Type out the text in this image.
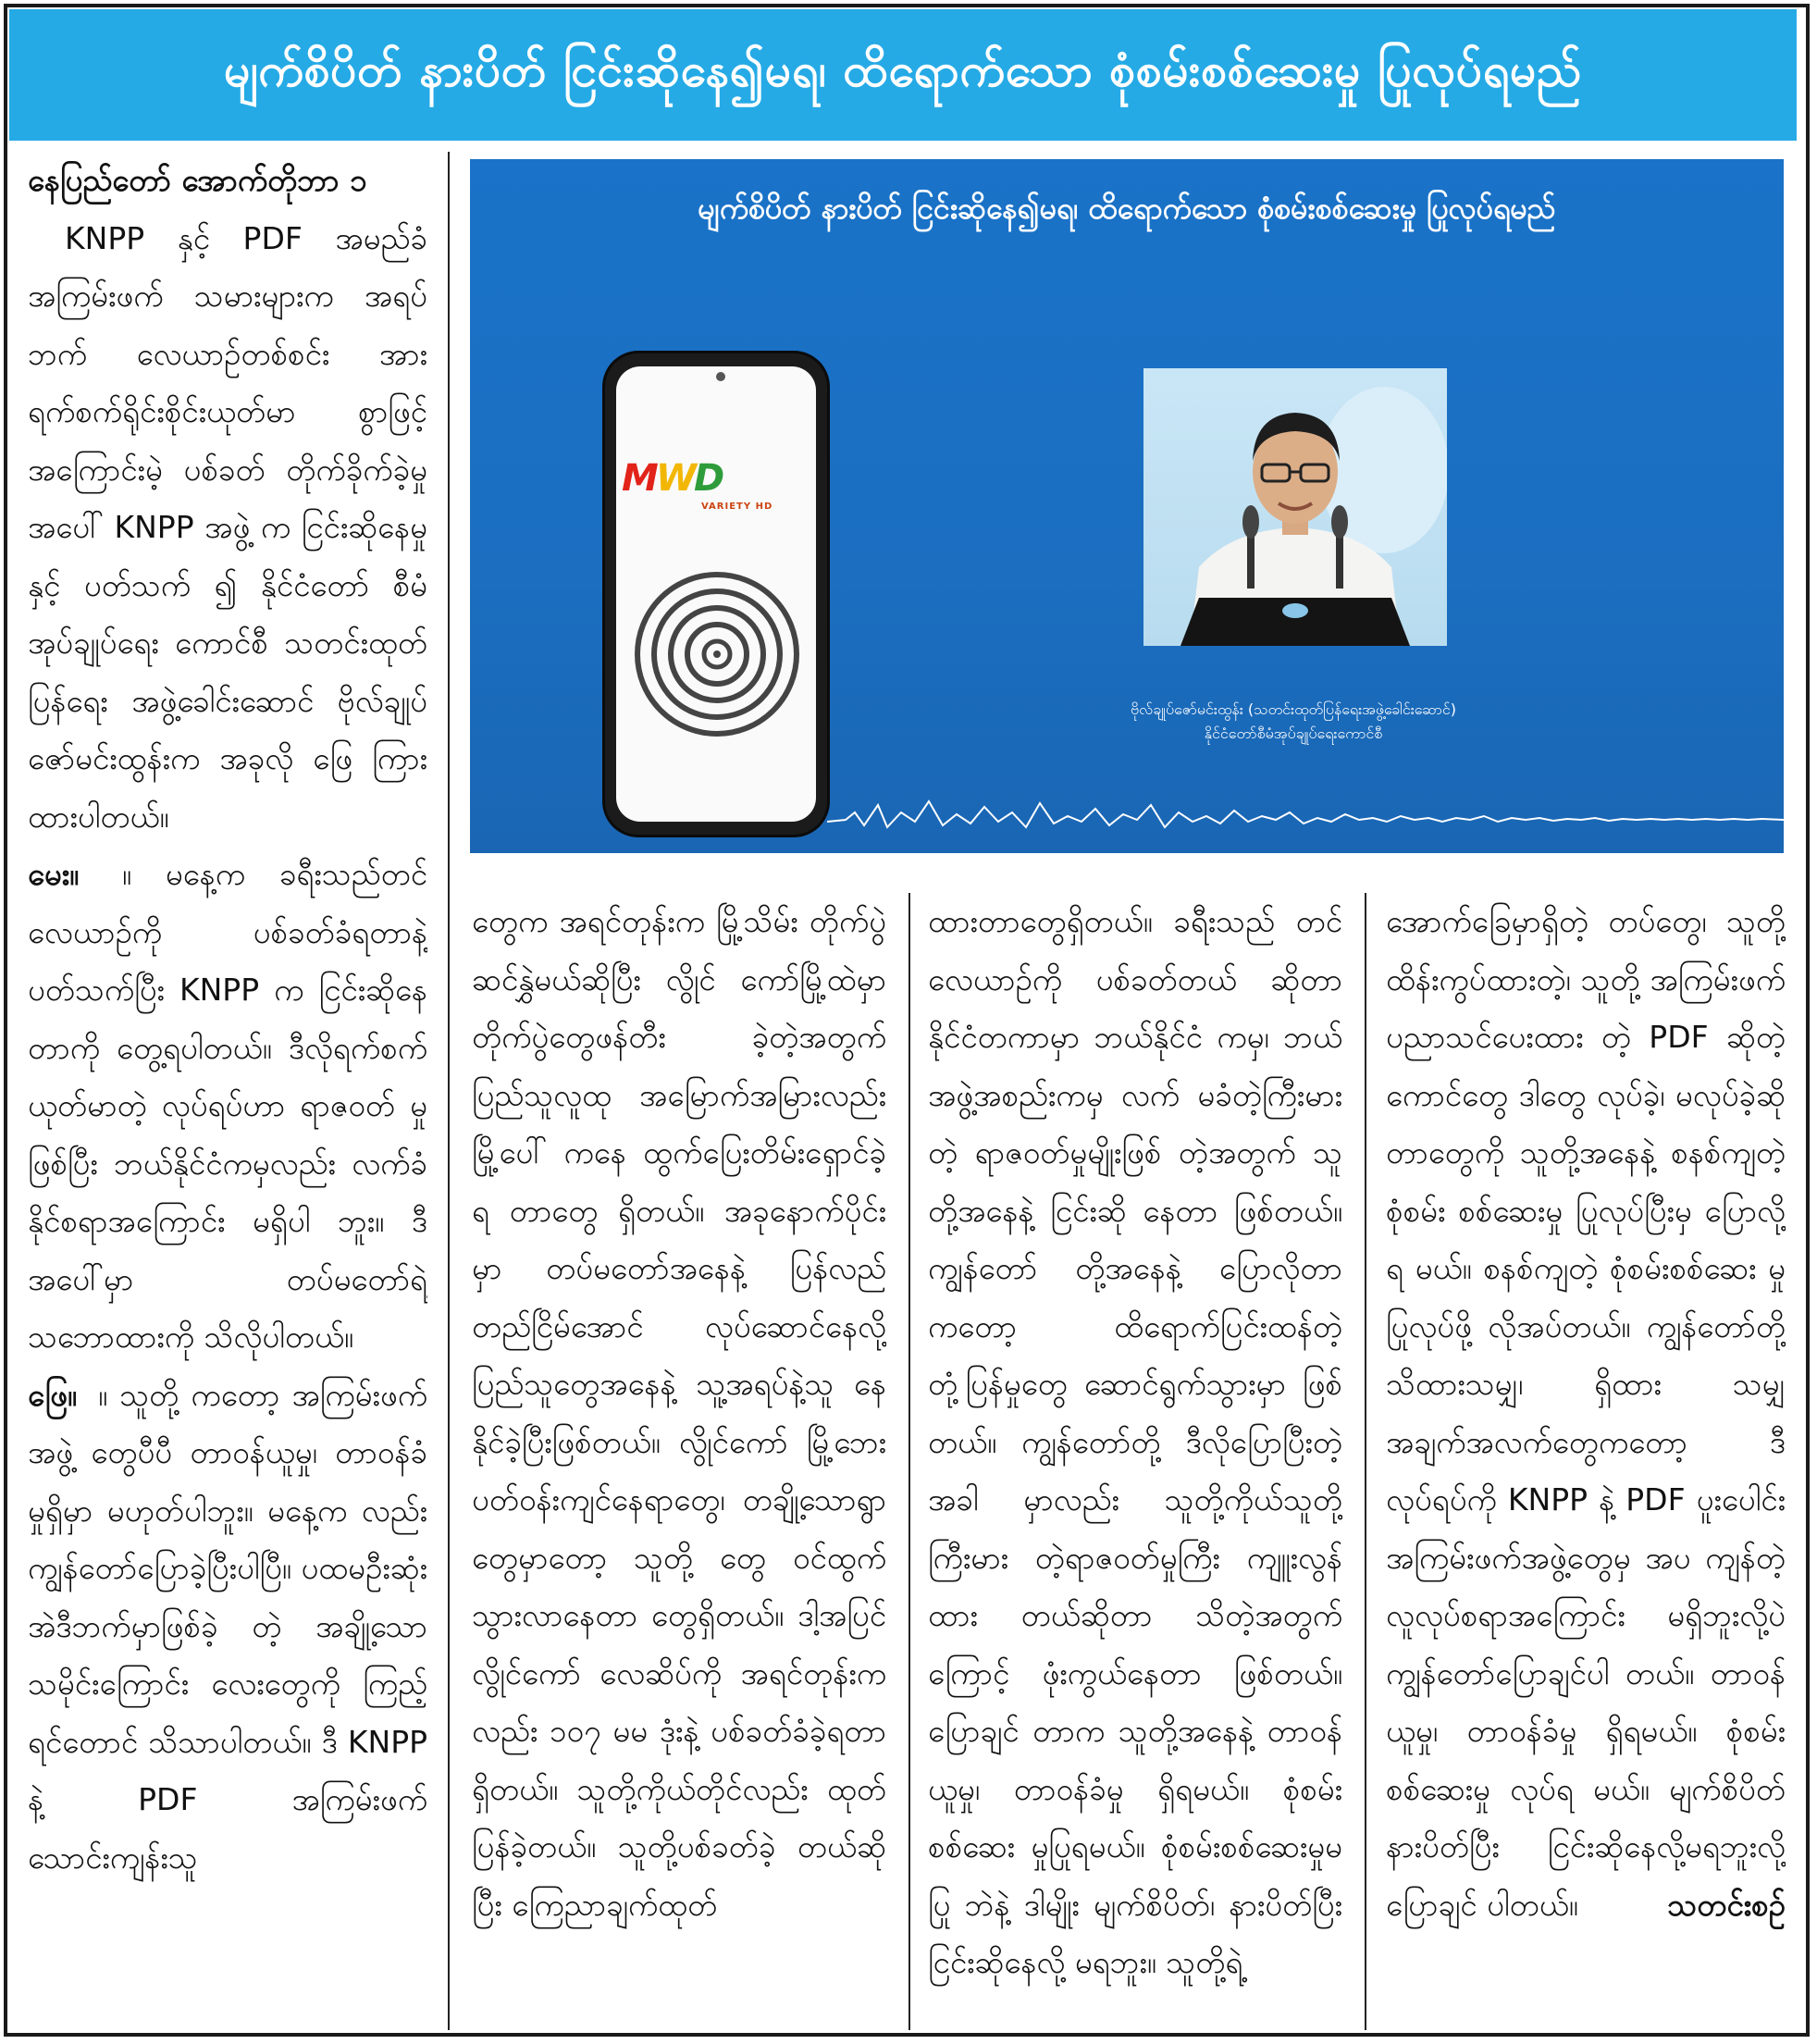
မျက်စိပိတ် နားပိတ် ငြင်းဆိုနေ၍မရ၊ ထိရောက်သော စုံစမ်းစစ်ဆေးမှု ပြုလုပ်ရမည်

နေပြည်တော် အောက်တိုဘာ ၁

KNPP နှင့် PDF အမည်ခံ အကြမ်းဖက် သမားများက အရပ်ဘက် လေယာဉ်တစ်စင်း အား ရက်စက်ရိုင်းစိုင်းယုတ်မာ စွာဖြင့် အကြောင်းမဲ့ ပစ်ခတ် တိုက်ခိုက်ခဲ့မှုအပေါ် KNPP အဖွဲ့ က ငြင်းဆိုနေမှုနှင့် ပတ်သက် ၍ နိုင်ငံတော် စီမံအုပ်ချုပ်ရေး ကောင်စီ သတင်းထုတ်ပြန်ရေး အဖွဲ့ခေါင်းဆောင် ဗိုလ်ချုပ် ဇော်မင်းထွန်းက အခုလို ဖြေ ကြားထားပါတယ်။

မေး။ ။ မနေ့က ခရီးသည်တင် လေယာဉ်ကို ပစ်ခတ်ခံရတာနဲ့ ပတ်သက်ပြီး KNPP က ငြင်းဆိုနေတာကို တွေ့ရပါတယ်။ ဒီလိုရက်စက် ယုတ်မာတဲ့ လုပ်ရပ်ဟာ ရာဇဝတ် မှုဖြစ်ပြီး ဘယ်နိုင်ငံကမှလည်း လက်ခံနိုင်စရာအကြောင်း မရှိပါ ဘူး။ ဒီအပေါ်မှာ တပ်မတော်ရဲ့ သဘောထားကို သိလိုပါတယ်။

ဖြေ။ ။ သူတို့ ကတော့ အကြမ်းဖက်အဖွဲ့ တွေပီပီ တာဝန်ယူမှု၊ တာဝန်ခံ မှုရှိမှာ မဟုတ်ပါဘူး။ မနေ့က လည်း ကျွန်တော်ပြောခဲ့ပြီးပါပြီ။ ပထမဦးဆုံး အဲဒီဘက်မှာဖြစ်ခဲ့ တဲ့ အချို့သောသမိုင်းကြောင်း လေးတွေကို ကြည့်ရင်တောင် သိသာပါတယ်။ ဒီ KNPP နဲ့ PDF အကြမ်းဖက် သောင်းကျန်းသူ

မျက်စိပိတ် နားပိတ် ငြင်းဆိုနေ၍မရ၊ ထိရောက်သော စုံစမ်းစစ်ဆေးမှု ပြုလုပ်ရမည်
MWD
VARIETY HD
ဗိုလ်ချုပ်ဇော်မင်းထွန်း (သတင်းထုတ်ပြန်ရေးအဖွဲ့ခေါင်းဆောင်)
နိုင်ငံတော်စီမံအုပ်ချုပ်ရေးကောင်စီ

တွေက အရင်တုန်းက မြို့သိမ်း တိုက်ပွဲဆင်နွှဲမယ်ဆိုပြီး လွိုင် ကော်မြို့ထဲမှာ တိုက်ပွဲတွေဖန်တီး ခဲ့တဲ့အတွက် ပြည်သူလူထု အမြောက်အမြားလည်း မြို့ပေါ် ကနေ ထွက်ပြေးတိမ်းရှောင်ခဲ့ရ တာတွေ ရှိတယ်။ အခုနောက်ပိုင်း မှာ တပ်မတော်အနေနဲ့ ပြန်လည် တည်ငြိမ်အောင် လုပ်ဆောင်နေလို့ ပြည်သူတွေအနေနဲ့ သူ့အရပ်နဲ့သူ နေနိုင်ခဲ့ပြီးဖြစ်တယ်။ လွိုင်ကော် မြို့ဘေးပတ်ဝန်းကျင်နေရာတွေ၊ တချို့သောရွာတွေမှာတော့ သူတို့ တွေ ဝင်ထွက်သွားလာနေတာ တွေရှိတယ်။ ဒါ့အပြင် လွိုင်ကော် လေဆိပ်ကို အရင်တုန်းကလည်း ၁၀၇ မမ ဒုံးနဲ့ ပစ်ခတ်ခံခဲ့ရတာ ရှိတယ်။ သူတို့ကိုယ်တိုင်လည်း ထုတ်ပြန်ခဲ့တယ်။ သူတို့ပစ်ခတ်ခဲ့ တယ်ဆိုပြီး ကြေညာချက်ထုတ်

ထားတာတွေရှိတယ်။ ခရီးသည် တင်လေယာဉ်ကို ပစ်ခတ်တယ် ဆိုတာ နိုင်ငံတကာမှာ ဘယ်နိုင်ငံ ကမှ၊ ဘယ်အဖွဲ့အစည်းကမှ လက် မခံတဲ့ကြီးမားတဲ့ ရာဇဝတ်မှုမျိုးဖြစ် တဲ့အတွက် သူတို့အနေနဲ့ ငြင်းဆို နေတာ ဖြစ်တယ်။ ကျွန်တော် တို့အနေနဲ့ ပြောလိုတာကတော့ ထိရောက်ပြင်းထန်တဲ့တုံ့ပြန်မှုတွေ ဆောင်ရွက်သွားမှာ ဖြစ်တယ်။ ကျွန်တော်တို့ ဒီလိုပြောပြီးတဲ့အခါ မှာလည်း သူတို့ကိုယ်သူတို့ကြီးမား တဲ့ရာဇဝတ်မှုကြီး ကျူးလွန်ထား တယ်ဆိုတာ သိတဲ့အတွက်ကြောင့် ဖုံးကွယ်နေတာ ဖြစ်တယ်။ ပြောချင် တာက သူတို့အနေနဲ့ တာဝန်ယူမှု၊ တာဝန်ခံမှု ရှိရမယ်။ စုံစမ်းစစ်ဆေး မှုပြုရမယ်။ စုံစမ်းစစ်ဆေးမှုမပြု ဘဲနဲ့ ဒါမျိုး မျက်စိပိတ်၊ နားပိတ်ပြီး ငြင်းဆိုနေလို့ မရဘူး။ သူတို့ရဲ့

အောက်ခြေမှာရှိတဲ့ တပ်တွေ၊ သူတို့ ထိန်းကွပ်ထားတဲ့၊ သူတို့ အကြမ်းဖက်ပညာသင်ပေးထား တဲ့ PDF ဆိုတဲ့ ကောင်တွေ ဒါတွေ လုပ်ခဲ့၊ မလုပ်ခဲ့ဆိုတာတွေကို သူတို့အနေနဲ့ စနစ်ကျတဲ့ စုံစမ်း စစ်ဆေးမှု ပြုလုပ်ပြီးမှ ပြောလို့ရ မယ်။ စနစ်ကျတဲ့ စုံစမ်းစစ်ဆေး မှုပြုလုပ်ဖို့ လိုအပ်တယ်။ ကျွန်တော်တို့သိထားသမျှ၊ ရှိထား သမျှအချက်အလက်တွေကတော့ ဒီလုပ်ရပ်ကို KNPP နဲ့ PDF ပူးပေါင်းအကြမ်းဖက်အဖွဲ့တွေမှ အပ ကျန်တဲ့လူလုပ်စရာအကြောင်း မရှိဘူးလို့ပဲ ကျွန်တော်ပြောချင်ပါ တယ်။ တာဝန်ယူမှု၊ တာဝန်ခံမှု ရှိရမယ်။ စုံစမ်းစစ်ဆေးမှု လုပ်ရ မယ်။ မျက်စိပိတ် နားပိတ်ပြီး ငြင်းဆိုနေလို့မရဘူးလို့ ပြောချင် ပါတယ်။	သတင်းစဉ်
